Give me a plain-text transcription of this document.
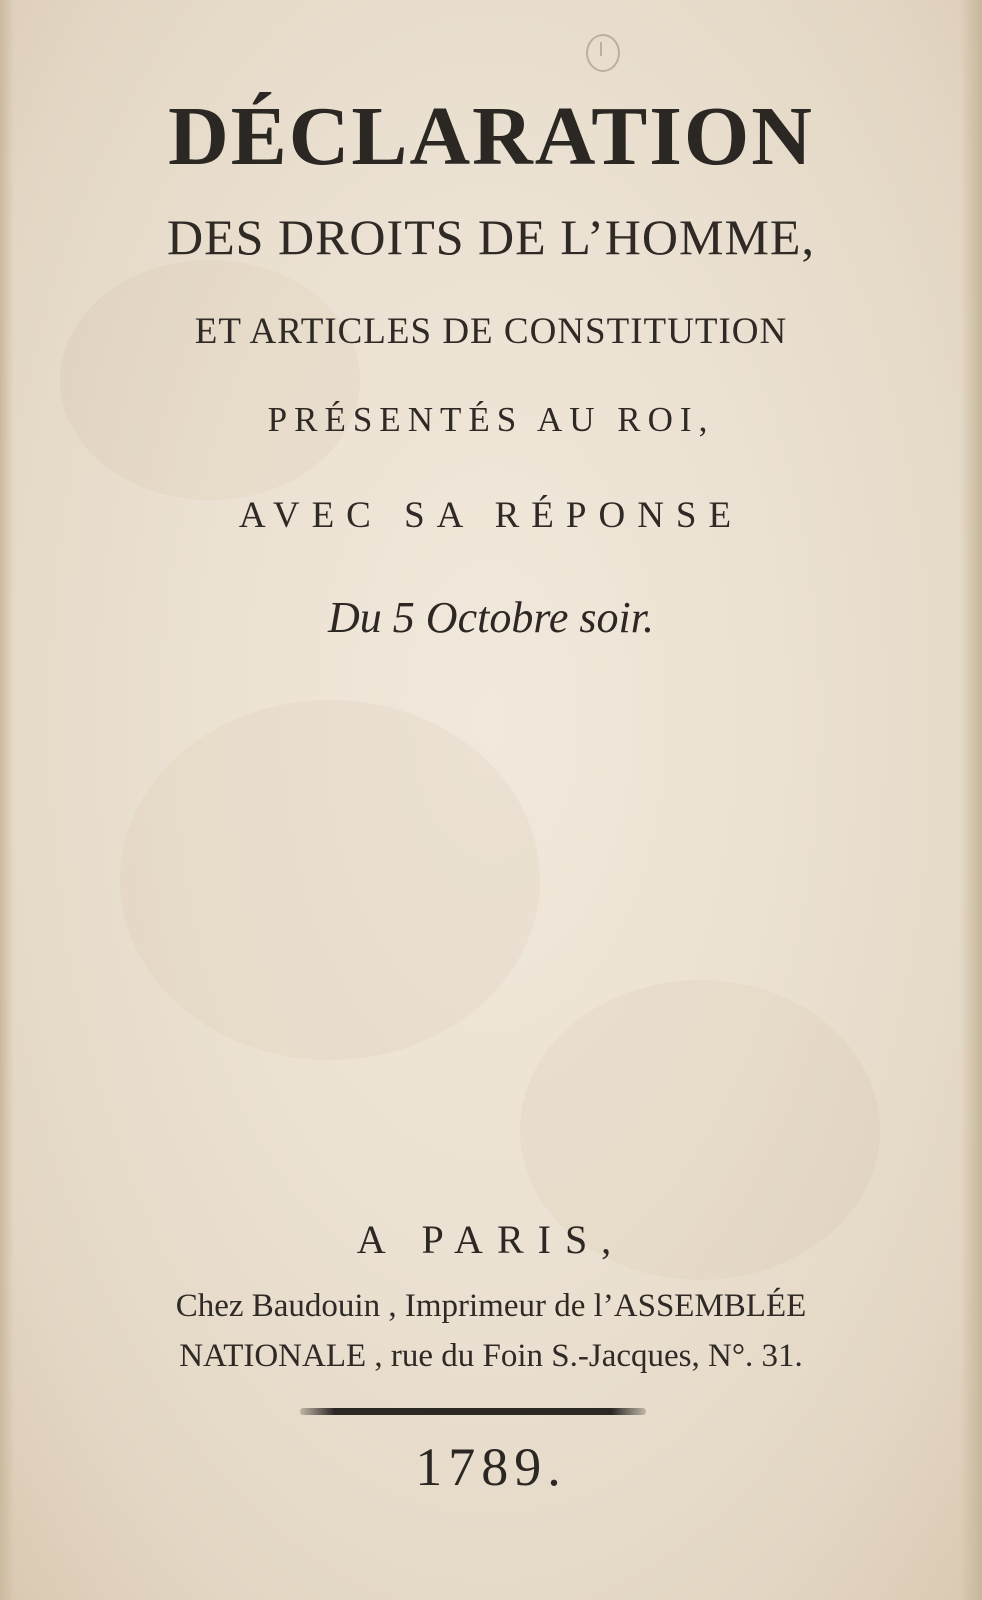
DÉCLARATION

DES DROITS DE L’HOMME,

ET ARTICLES DE CONSTITUTION

PRÉSENTÉS AU ROI,

AVEC SA RÉPONSE

Du 5 Octobre soir.

A PARIS,

Chez Baudouin , Imprimeur de l’ASSEMBLÉE

NATIONALE , rue du Foin S.-Jacques, N°. 31.

1789.
